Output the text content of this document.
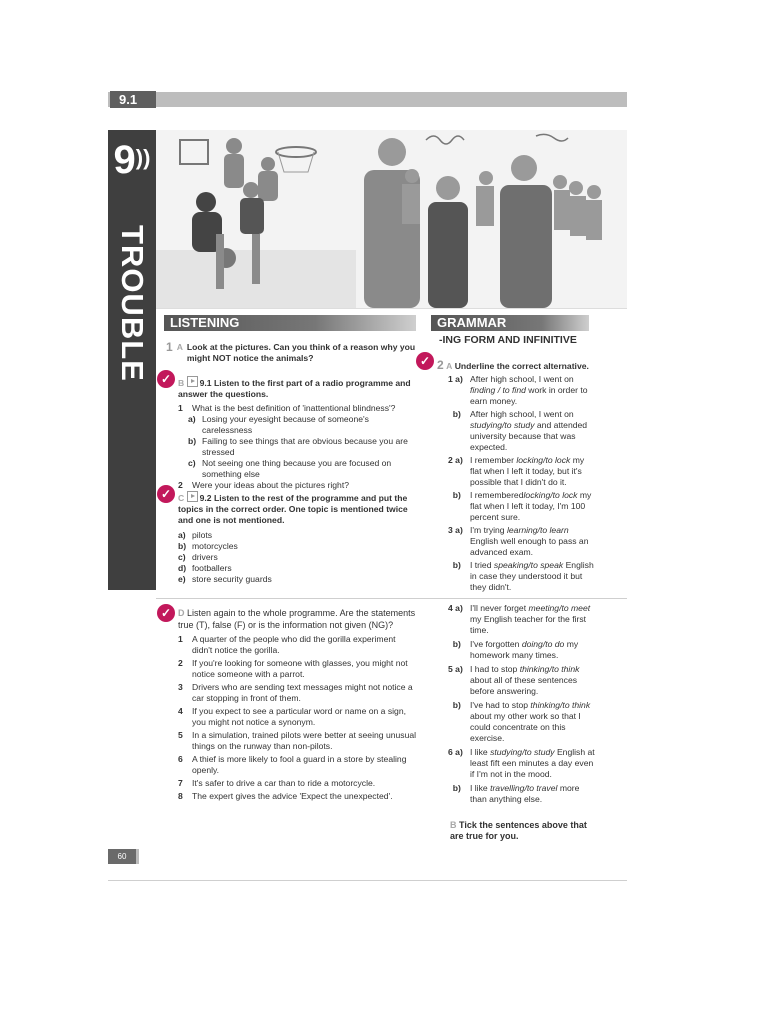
9.1
9))
TROUBLE	LISTENING
1 A Look at the pictures. Can you think of a reason why you might NOT notice the animals?
✓ B 9.1 Listen to the first part of a radio programme and answer the questions.
1	What is the best definition of 'inattentional blindness'?
a) Losing your eyesight because of someone's carelessness
b) Failing to see things that are obvious because you are stressed
c) Not seeing one thing because you are focused on something else
2	Were your ideas about the pictures right?
✓ C 9.2 Listen to the rest of the programme and put the topics in the correct order. One topic is mentioned twice and one is not mentioned.
a) pilots
b) motorcycles
c) drivers
d) footballers
e) store security guards
✓ D Listen again to the whole programme. Are the statements true (T), false (F) or is the information not given (NG)?
1	A quarter of the people who did the gorilla experiment didn't notice the gorilla.
2	If you're looking for someone with glasses, you might not notice someone with a parrot.
3	Drivers who are sending text messages might not notice a car stopping in front of them.
4	If you expect to see a particular word or name on a sign, you might not notice a synonym.
5	In a simulation, trained pilots were better at seeing unusual things on the runway than non-pilots.
6	A thief is more likely to fool a guard in a store by stealing openly.
7	It's safer to drive a car than to ride a motorcycle.
8	The expert gives the advice 'Expect the unexpected'.
GRAMMAR
-ING FORM AND INFINITIVE
✓ 2 A Underline the correct alternative.
1 a) After high school, I went on finding / to find work in order to earn money.
b)	After high school, I went on studying/to study and attended university because that was expected.
2 a) I remember locking/to lock my flat when I left it today, but it's possible that I didn't do it.
b)	I rememberedlocking/to lock my flat when I left it today, I'm 100 percent sure.
3 a) I'm trying learning/to learn English well enough to pass an advanced exam.
b)	I tried speaking/to speak English in case they understood it but they didn't.
4 a) I'll never forget meeting/to meet my English teacher for the first time.
b)	I've forgotten doing/to do my homework many times.
5 a) I had to stop thinking/to think about all of these sentences before answering.
b)	I've had to stop thinking/to think about my other work so that I could concentrate on this exercise.
6 a) I like studying/to study English at least fift een minutes a day even if I'm not in the mood.
b)	I like travelling/to travel more than anything else.
B Tick the sentences above that are true for you.
60
